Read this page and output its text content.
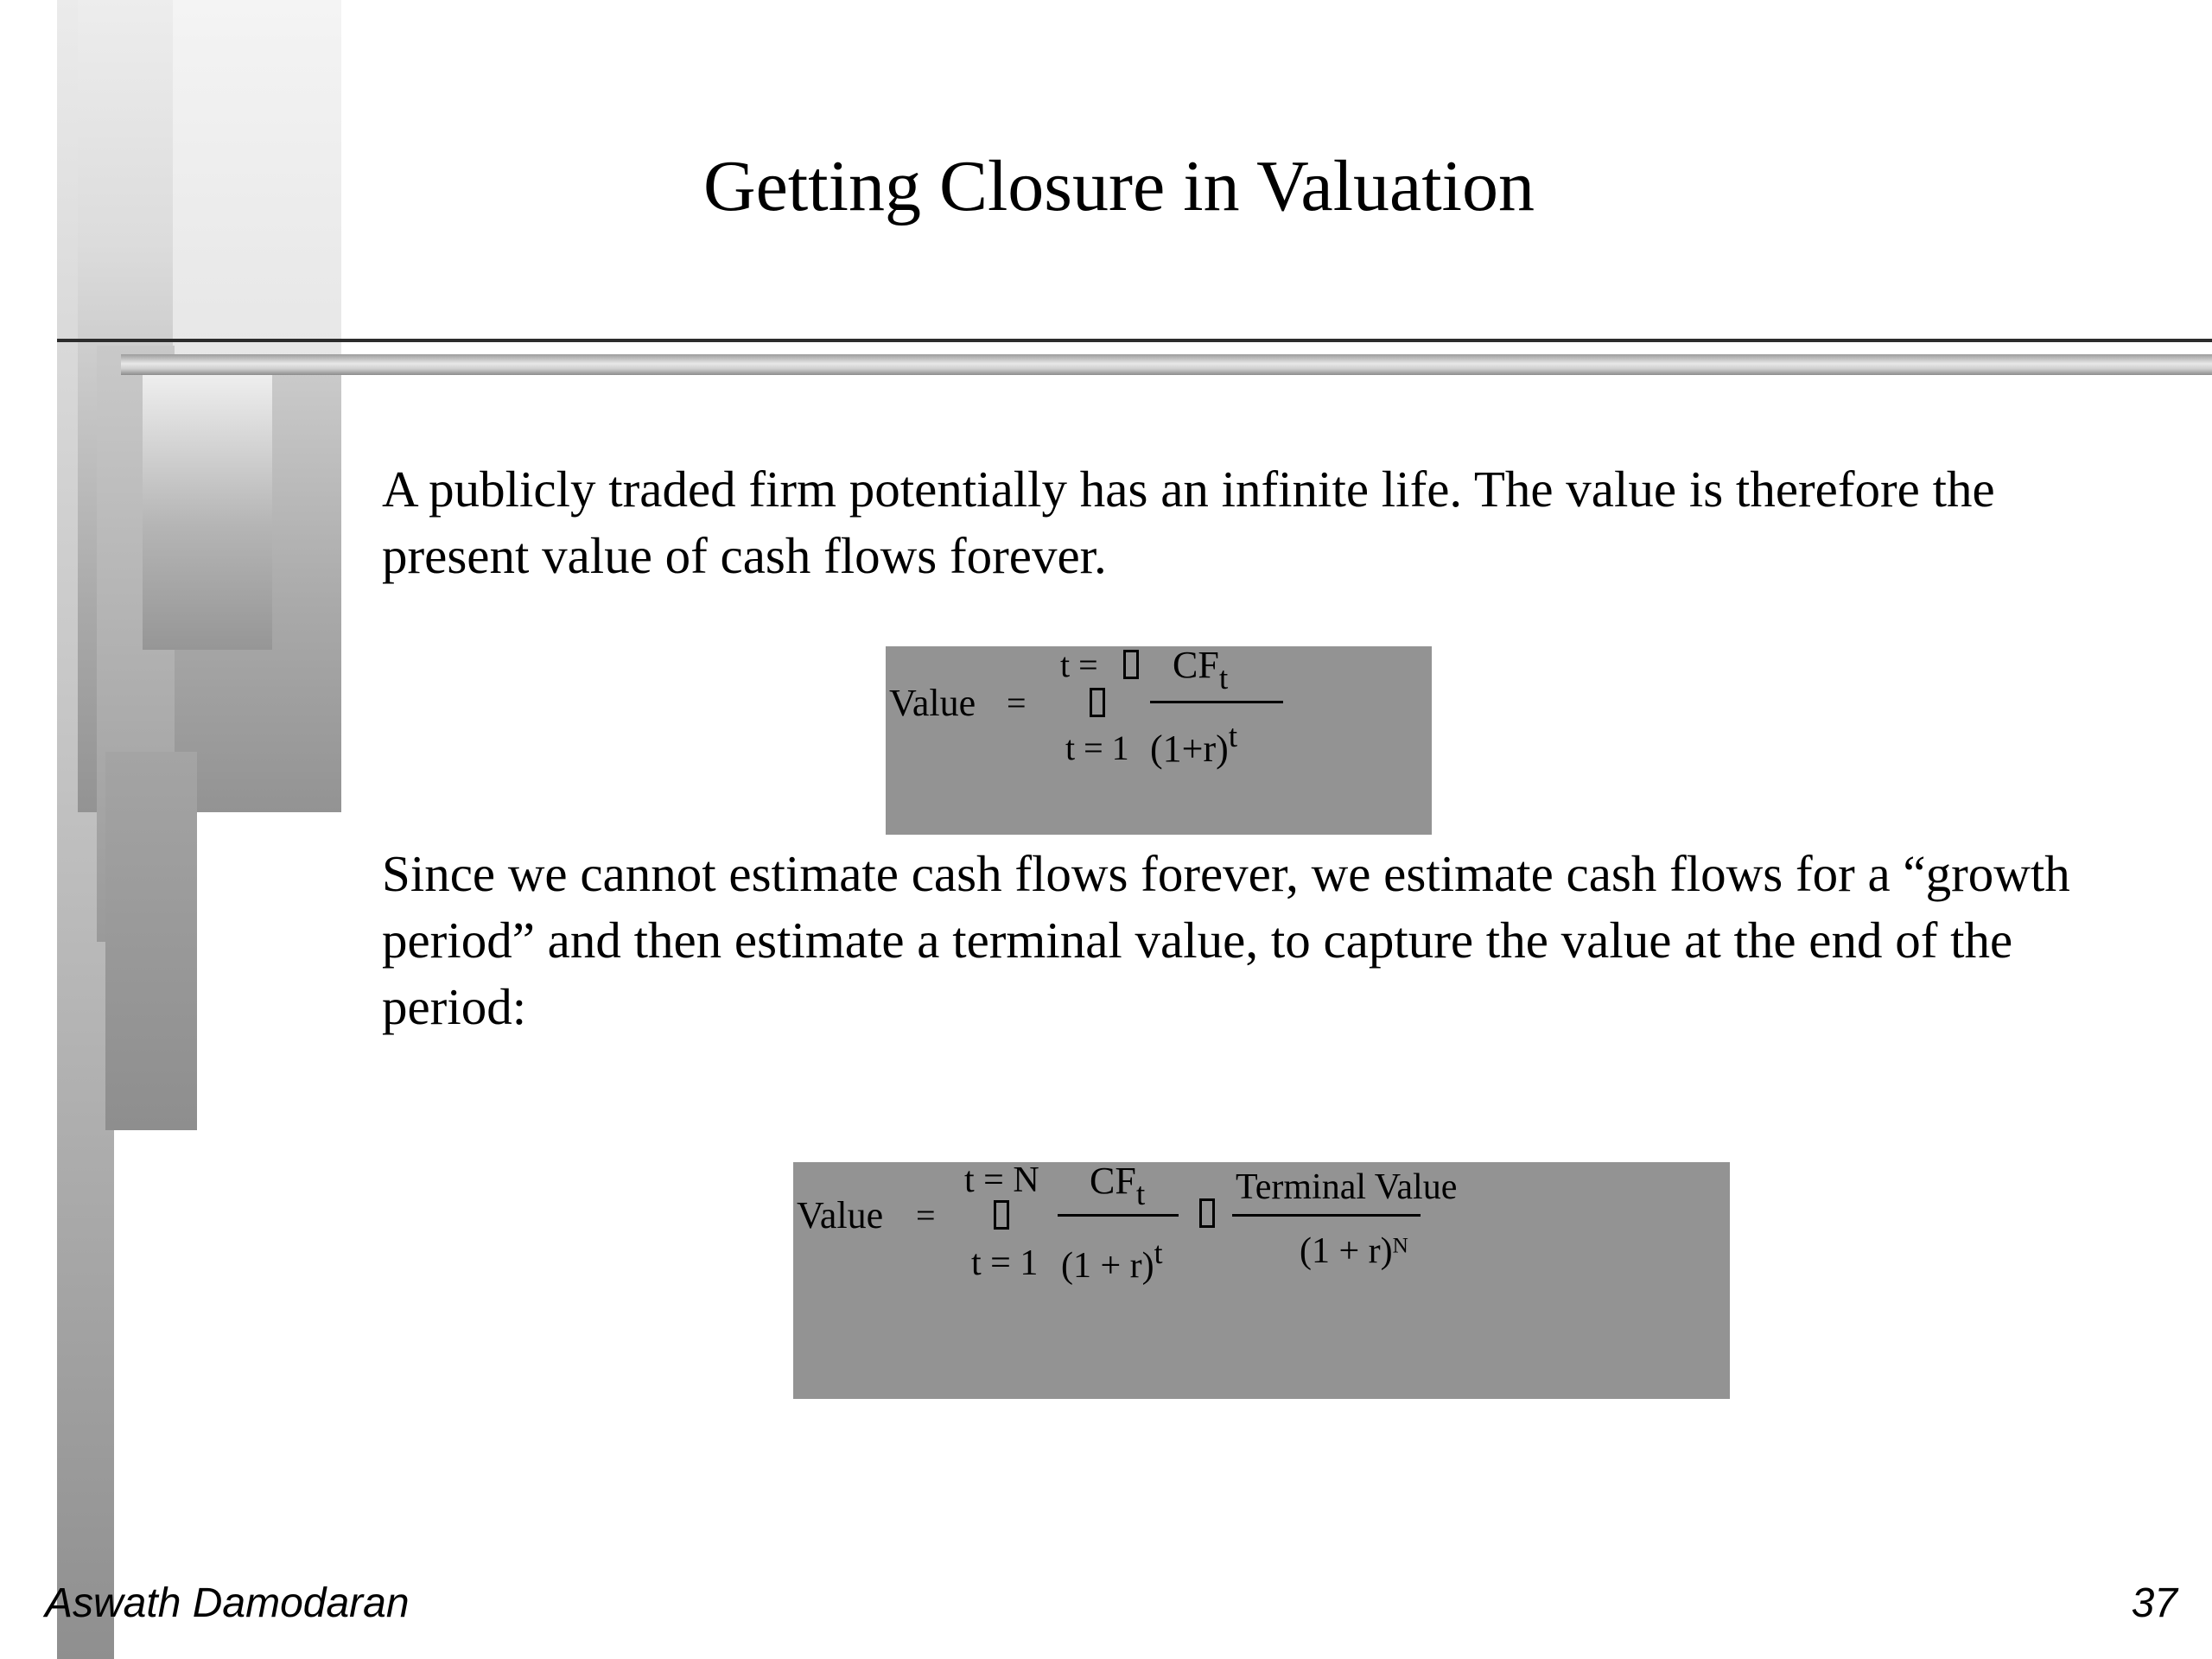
Getting Closure in Valuation
A publicly traded firm potentially has an infinite life. The value is therefore the present value of cash flows forever.
Value =
t =
t = 1
$CF_t$
$(1+r)^t$
Since we cannot estimate cash flows forever, we estimate cash flows for a “growth period” and then estimate a terminal value, to capture the value at the end of the period:
Value =
t = N
t = 1
$CF_t$
(1 + r)t
Terminal Value
$(1 + r)^N$
Aswath Damodaran	37
